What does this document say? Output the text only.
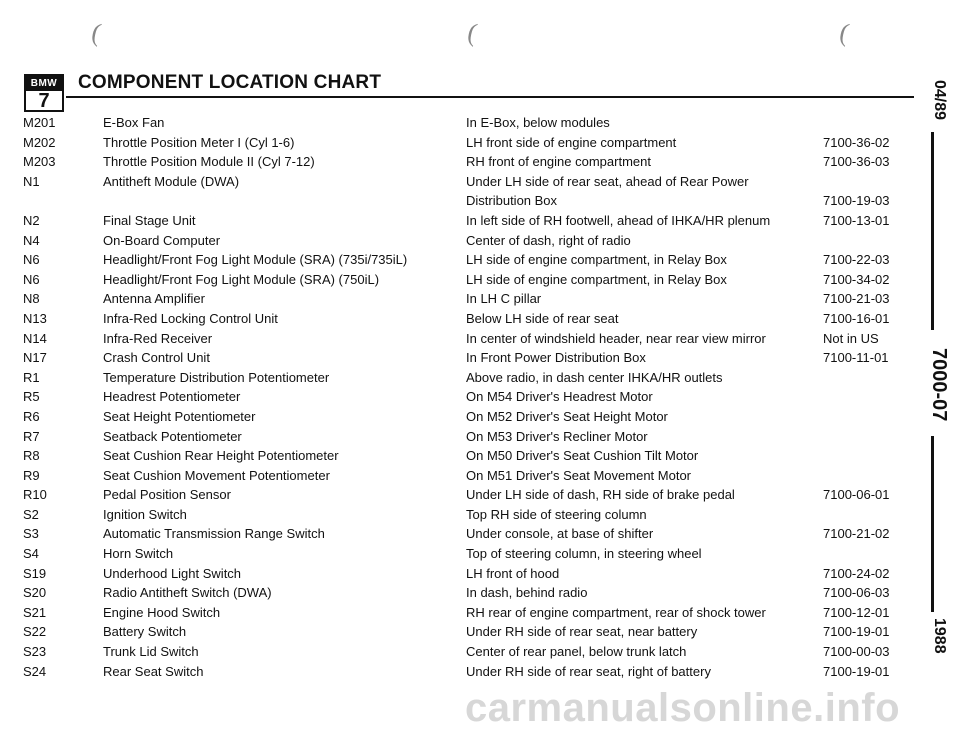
(	(	(
BMW
7
COMPONENT LOCATION CHART
M201	E-Box Fan	In E-Box, below modules
M202	Throttle Position Meter I (Cyl 1-6)	LH front side of engine compartment	7100-36-02
M203	Throttle Position Module II (Cyl 7-12)	RH front of engine compartment	7100-36-03
N1	Antitheft Module (DWA)	Under LH side of rear seat, ahead of Rear Power
Distribution Box	7100-19-03
N2	Final Stage Unit	In left side of RH footwell, ahead of IHKA/HR plenum	7100-13-01
N4	On-Board Computer	Center of dash, right of radio
N6	Headlight/Front Fog Light Module (SRA) (735i/735iL)	LH side of engine compartment, in Relay Box	7100-22-03
N6	Headlight/Front Fog Light Module (SRA) (750iL)	LH side of engine compartment, in Relay Box	7100-34-02
N8	Antenna Amplifier	In LH C pillar	7100-21-03
N13	Infra-Red Locking Control Unit	Below LH side of rear seat	7100-16-01
N14	Infra-Red Receiver	In center of windshield header, near rear view mirror	Not in US
N17	Crash Control Unit	In Front Power Distribution Box	7100-11-01
R1	Temperature Distribution Potentiometer	Above radio, in dash center IHKA/HR outlets
R5	Headrest Potentiometer	On M54 Driver's Headrest Motor
R6	Seat Height Potentiometer	On M52 Driver's Seat Height Motor
R7	Seatback Potentiometer	On M53 Driver's Recliner Motor
R8	Seat Cushion Rear Height Potentiometer	On M50 Driver's Seat Cushion Tilt Motor
R9	Seat Cushion Movement Potentiometer	On M51 Driver's Seat Movement Motor
R10	Pedal Position Sensor	Under LH side of dash, RH side of brake pedal	7100-06-01
S2	Ignition Switch	Top RH side of steering column
S3	Automatic Transmission Range Switch	Under console, at base of shifter	7100-21-02
S4	Horn Switch	Top of steering column, in steering wheel
S19	Underhood Light Switch	LH front of hood	7100-24-02
S20	Radio Antitheft Switch (DWA)	In dash, behind radio	7100-06-03
S21	Engine Hood Switch	RH rear of engine compartment, rear of shock tower	7100-12-01
S22	Battery Switch	Under RH side of rear seat, near battery	7100-19-01
S23	Trunk Lid Switch	Center of rear panel, below trunk latch	7100-00-03
S24	Rear Seat Switch	Under RH side of rear seat, right of battery	7100-19-01
04/89
7000-07
1988
carmanualsonline.info
